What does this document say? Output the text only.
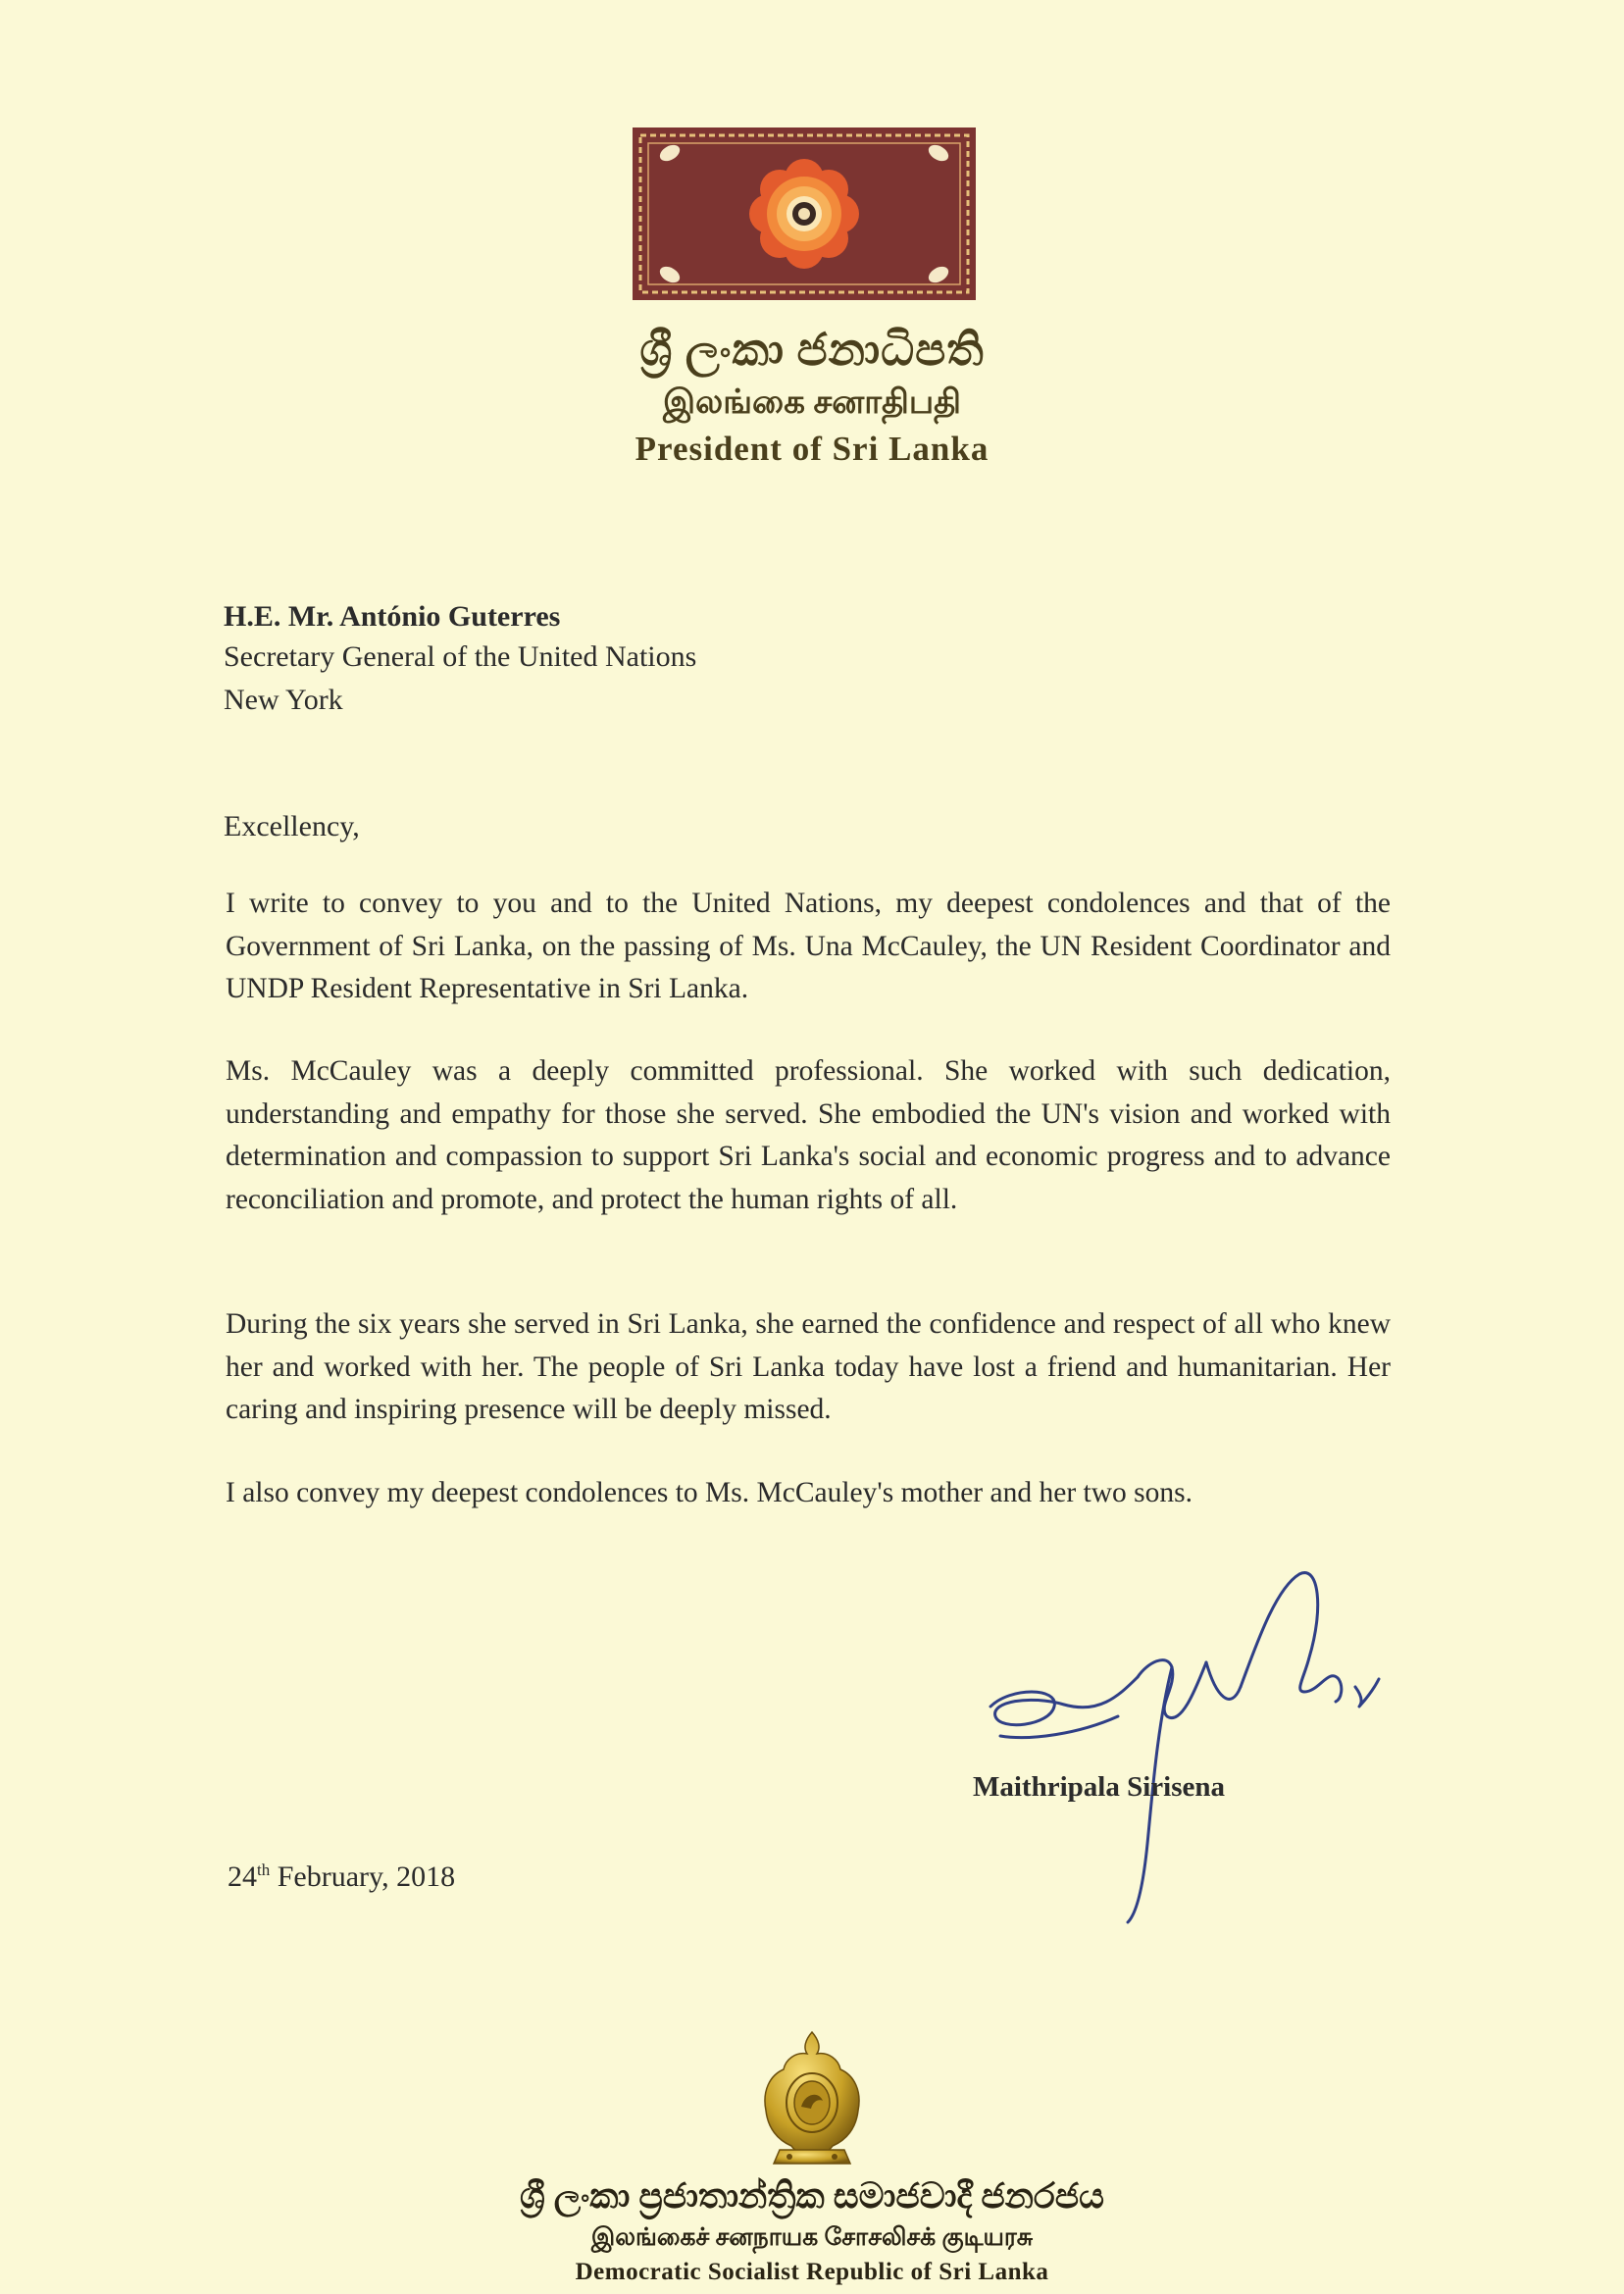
ශ්‍රී ලංකා ජනාධිපති
இலங்கை சனாதிபதி
President of Sri Lanka
H.E. Mr. António Guterres
Secretary General of the United Nations
New York
Excellency,

I write to convey to you and to the United Nations, my deepest condolences and that of the Government of Sri Lanka, on the passing of Ms. Una McCauley, the UN Resident Coordinator and UNDP Resident Representative in Sri Lanka.

Ms. McCauley was a deeply committed professional. She worked with such dedication, understanding and empathy for those she served. She embodied the UN's vision and worked with determination and compassion to support Sri Lanka's social and economic progress and to advance reconciliation and promote, and protect the human rights of all.

During the six years she served in Sri Lanka, she earned the confidence and respect of all who knew her and worked with her. The people of Sri Lanka today have lost a friend and humanitarian. Her caring and inspiring presence will be deeply missed.

I also convey my deepest condolences to Ms. McCauley's mother and her two sons.

Maithripala Sirisena
24th February, 2018
ශ්‍රී ලංකා ප්‍රජාතාන්ත්‍රික සමාජවාදී ජනරජය
இலங்கைச் சனநாயக சோசலிசக் குடியரசு
Democratic Socialist Republic of Sri Lanka
